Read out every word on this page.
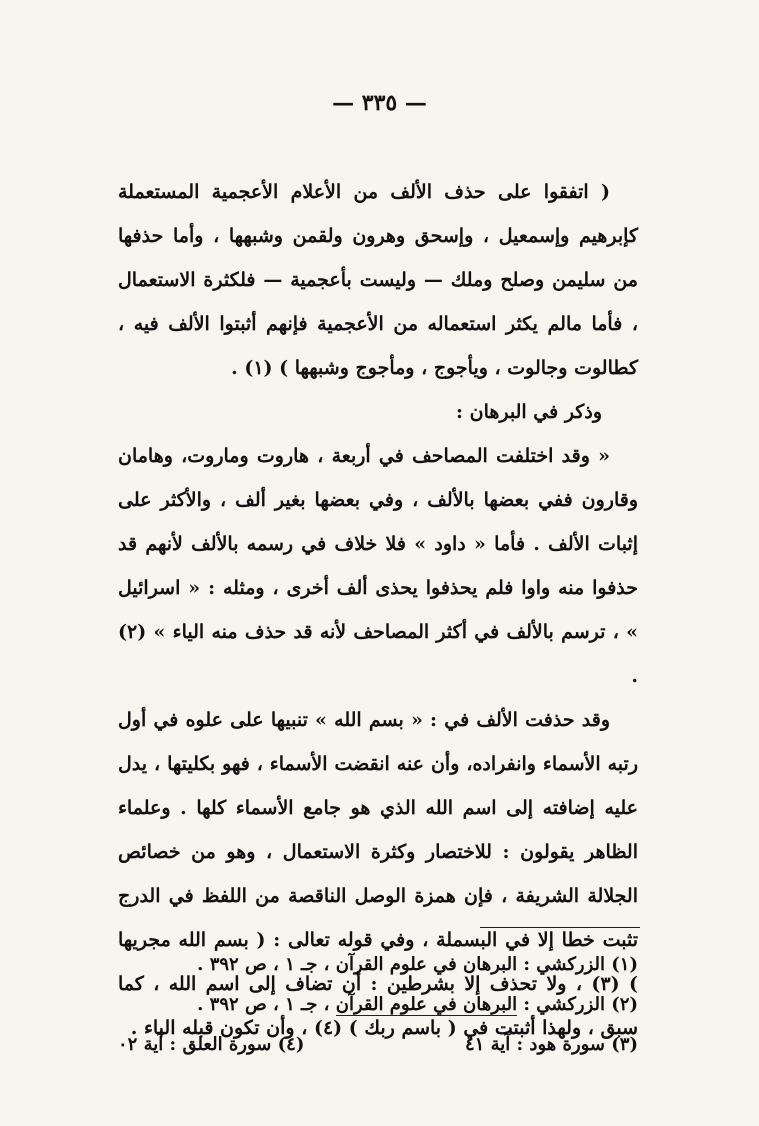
— ٣٣٥ —

( اتفقوا على حذف الألف من الأعلام الأعجمية المستعملة كإبرهيم وإسمعيل ، وإسحق وهرون ولقمن وشبهها ، وأما حذفها من سليمن وصلح وملك — وليست بأعجمية — فلكثرة الاستعمال ، فأما مالم يكثر استعماله من الأعجمية فإنهم أثبتوا الألف فيه ، كطالوت وجالوت ، ويأجوج ، ومأجوج وشبهها ) (١) .

وذكر في البرهان :

« وقد اختلفت المصاحف في أربعة ، هاروت وماروت، وهامان وقارون ففي بعضها بالألف ، وفي بعضها بغير ألف ، والأكثر على إثبات الألف . فأما « داود » فلا خلاف في رسمه بالألف لأنهم قد حذفوا منه واوا فلم يحذفوا يحذى ألف أخرى ، ومثله : « اسرائيل » ، ترسم بالألف في أكثر المصاحف لأنه قد حذف منه الياء » (٢) .

وقد حذفت الألف في : « بسم الله » تنبيها على علوه في أول رتبه الأسماء وانفراده، وأن عنه انقضت الأسماء ، فهو بكليتها ، يدل عليه إضافته إلى اسم الله الذي هو جامع الأسماء كلها . وعلماء الظاهر يقولون : للاختصار وكثرة الاستعمال ، وهو من خصائص الجلالة الشريفة ، فإن همزة الوصل الناقصة من اللفظ في الدرج تثبت خطا إلا في البسملة ، وفي قوله تعالى : ( بسم الله مجريها ) (٣) ، ولا تحذف إلا بشرطين : أن تضاف إلى اسم الله ، كما سبق ، ولهذا أثبتت في ( باسم ربك ) (٤) ، وأن تكون قبله الباء .

(١) الزركشي : البرهان في علوم القرآن ، جـ ١ ، ص ٣٩٢ .
(٢) الزركشي : البرهان في علوم القرآن ، جـ ١ ، ص ٣٩٢ .
(٣) سورة هود : آية ٤١
(٤) سورة العلق : آية ٠٢
